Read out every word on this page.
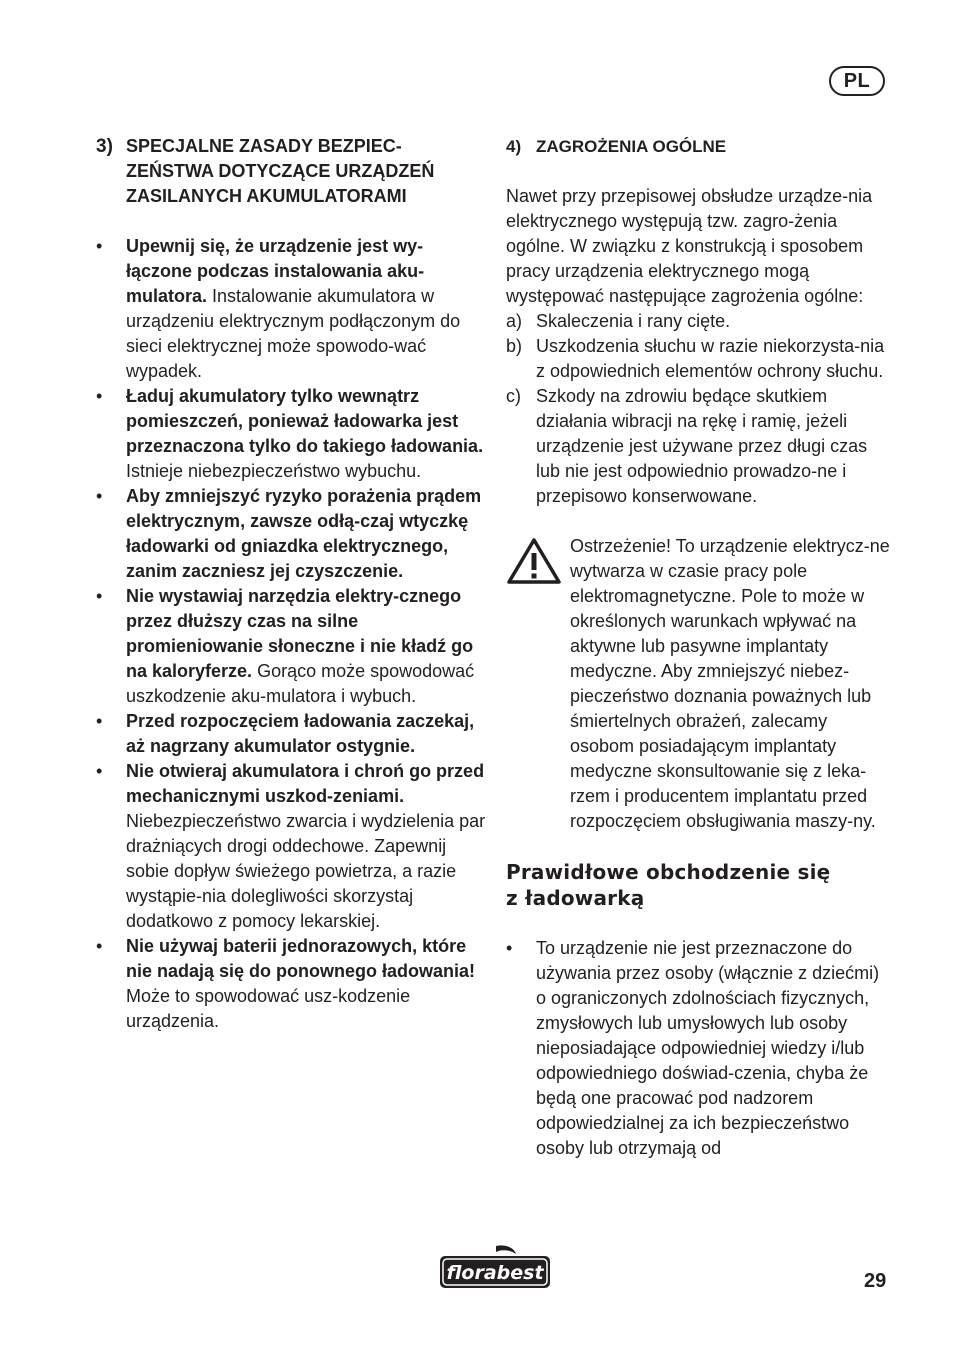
PL
3) SPECJALNE ZASADY BEZPIEC-
ZEŃSTWA DOTYCZĄCE URZĄDZEŃ
ZASILANYCH AKUMULATORAMI
•	Upewnij się, że urządzenie jest wy-łączone podczas instalowania aku-mulatora. Instalowanie akumulatora w urządzeniu elektrycznym podłączonym do sieci elektrycznej może spowodo-wać wypadek.
•	Ładuj akumulatory tylko wewnątrz pomieszczeń, ponieważ ładowarka jest przeznaczona tylko do takiego ładowania. Istnieje niebezpieczeństwo wybuchu.
•	Aby zmniejszyć ryzyko porażenia prądem elektrycznym, zawsze odłą-czaj wtyczkę ładowarki od gniazdka elektrycznego, zanim zaczniesz jej czyszczenie.
•	Nie wystawiaj narzędzia elektry-cznego przez dłuższy czas na silne promieniowanie słoneczne i nie kładź go na kaloryferze. Gorąco może spowodować uszkodzenie aku-mulatora i wybuch.
•	Przed rozpoczęciem ładowania zaczekaj, aż nagrzany akumulator ostygnie.
•	Nie otwieraj akumulatora i chroń go przed mechanicznymi uszkod-zeniami. Niebezpieczeństwo zwarcia i wydzielenia par drażniących drogi oddechowe. Zapewnij sobie dopływ świeżego powietrza, a razie wystąpie-nia dolegliwości skorzystaj dodatkowo z pomocy lekarskiej.
•	Nie używaj baterii jednorazowych, które nie nadają się do ponownego ładowania! Może to spowodować usz-kodzenie urządzenia.
4) ZAGROŻENIA OGÓLNE

Nawet przy przepisowej obsłudze urządze-nia elektrycznego występują tzw. zagro-żenia ogólne. W związku z konstrukcją i sposobem pracy urządzenia elektrycznego mogą występować następujące zagrożenia ogólne:

a) Skaleczenia i rany cięte.
b) Uszkodzenia słuchu w razie niekorzysta-nia z odpowiednich elementów ochrony słuchu.
c) Szkody na zdrowiu będące skutkiem działania wibracji na rękę i ramię, jeżeli urządzenie jest używane przez długi czas lub nie jest odpowiednio prowadzo-ne i przepisowo konserwowane.
Ostrzeżenie! To urządzenie elektrycz-ne wytwarza w czasie pracy pole elektromagnetyczne. Pole to może w określonych warunkach wpływać na aktywne lub pasywne implantaty medyczne. Aby zmniejszyć niebez-pieczeństwo doznania poważnych lub śmiertelnych obrażeń, zalecamy osobom posiadającym implantaty medyczne skonsultowanie się z leka-rzem i producentem implantatu przed rozpoczęciem obsługiwania maszy-ny.
Prawidłowe obchodzenie się
z ładowarką
• To urządzenie nie jest przeznaczone do używania przez osoby (włącznie z dziećmi) o ograniczonych zdolnościach fizycznych, zmysłowych lub umysłowych lub osoby nieposiadające odpowiedniej wiedzy i/lub odpowiedniego doświad-czenia, chyba że będą one pracować pod nadzorem odpowiedzialnej za ich bezpieczeństwo osoby lub otrzymają od
florabest	29
